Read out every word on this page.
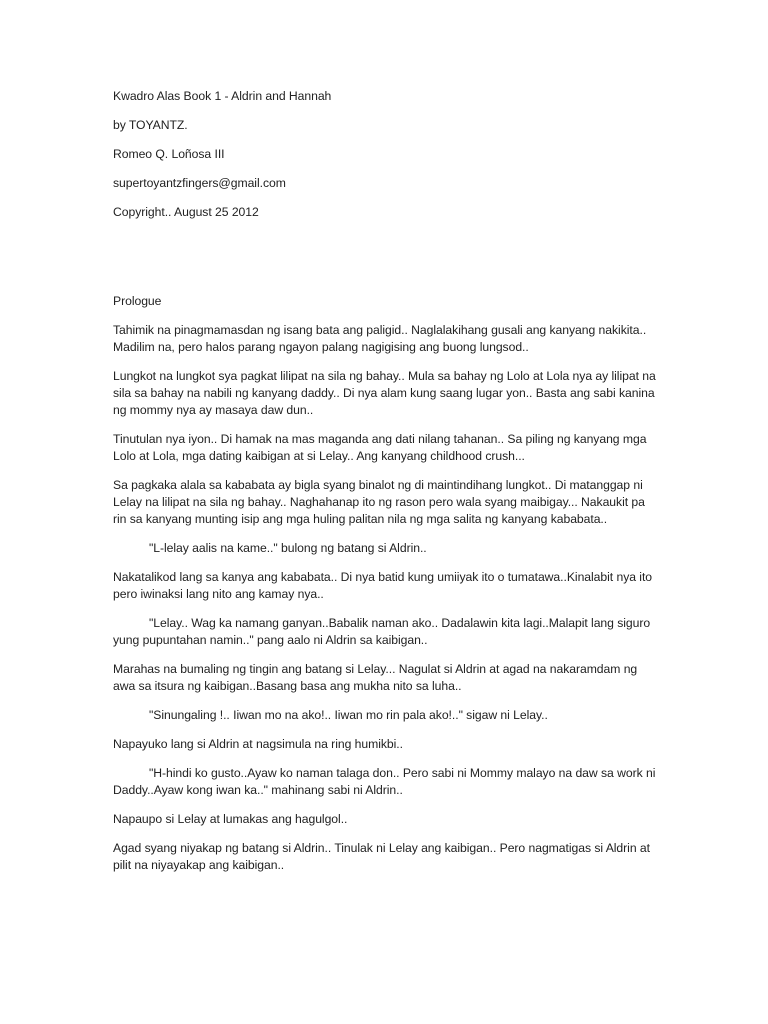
Kwadro Alas Book 1 - Aldrin and Hannah
by TOYANTZ.
Romeo Q. Loñosa III
supertoyantzfingers@gmail.com
Copyright.. August 25 2012
Prologue
Tahimik na pinagmamasdan ng isang bata ang paligid.. Naglalakihang gusali ang kanyang nakikita.. Madilim na, pero halos parang ngayon palang nagigising ang buong lungsod..
Lungkot na lungkot sya pagkat lilipat na sila ng bahay.. Mula sa bahay ng Lolo at Lola nya ay lilipat na sila sa bahay na nabili ng kanyang daddy.. Di nya alam kung saang lugar yon.. Basta ang sabi kanina ng mommy nya ay masaya daw dun..
Tinutulan nya iyon.. Di hamak na mas maganda ang dati nilang tahanan.. Sa piling ng kanyang mga Lolo at Lola, mga dating kaibigan at si Lelay.. Ang kanyang childhood crush...
Sa pagkaka alala sa kababata ay bigla syang binalot ng di maintindihang lungkot.. Di matanggap ni Lelay na lilipat na sila ng bahay.. Naghahanap ito ng rason pero wala syang maibigay... Nakaukit pa rin sa kanyang munting isip ang mga huling palitan nila ng mga salita ng kanyang kababata..
"L-lelay aalis na kame.." bulong ng batang si Aldrin..
Nakatalikod lang sa kanya ang kababata.. Di nya batid kung umiiyak ito o tumatawa..Kinalabit nya ito pero iwinaksi lang nito ang kamay nya..
"Lelay.. Wag ka namang ganyan..Babalik naman ako.. Dadalawin kita lagi..Malapit lang siguro yung pupuntahan namin.." pang aalo ni Aldrin sa kaibigan..
Marahas na bumaling ng tingin ang batang si Lelay... Nagulat si Aldrin at agad na nakaramdam ng awa sa itsura ng kaibigan..Basang basa ang mukha nito sa luha..
"Sinungaling !.. Iiwan mo na ako!.. Iiwan mo rin pala ako!.." sigaw ni Lelay..
Napayuko lang si Aldrin at nagsimula na ring humikbi..
"H-hindi ko gusto..Ayaw ko naman talaga don.. Pero sabi ni Mommy malayo na daw sa work ni Daddy..Ayaw kong iwan ka.." mahinang sabi ni Aldrin..
Napaupo si Lelay at lumakas ang hagulgol..
Agad syang niyakap ng batang si Aldrin.. Tinulak ni Lelay ang kaibigan.. Pero nagmatigas si Aldrin at pilit na niyayakap ang kaibigan..
